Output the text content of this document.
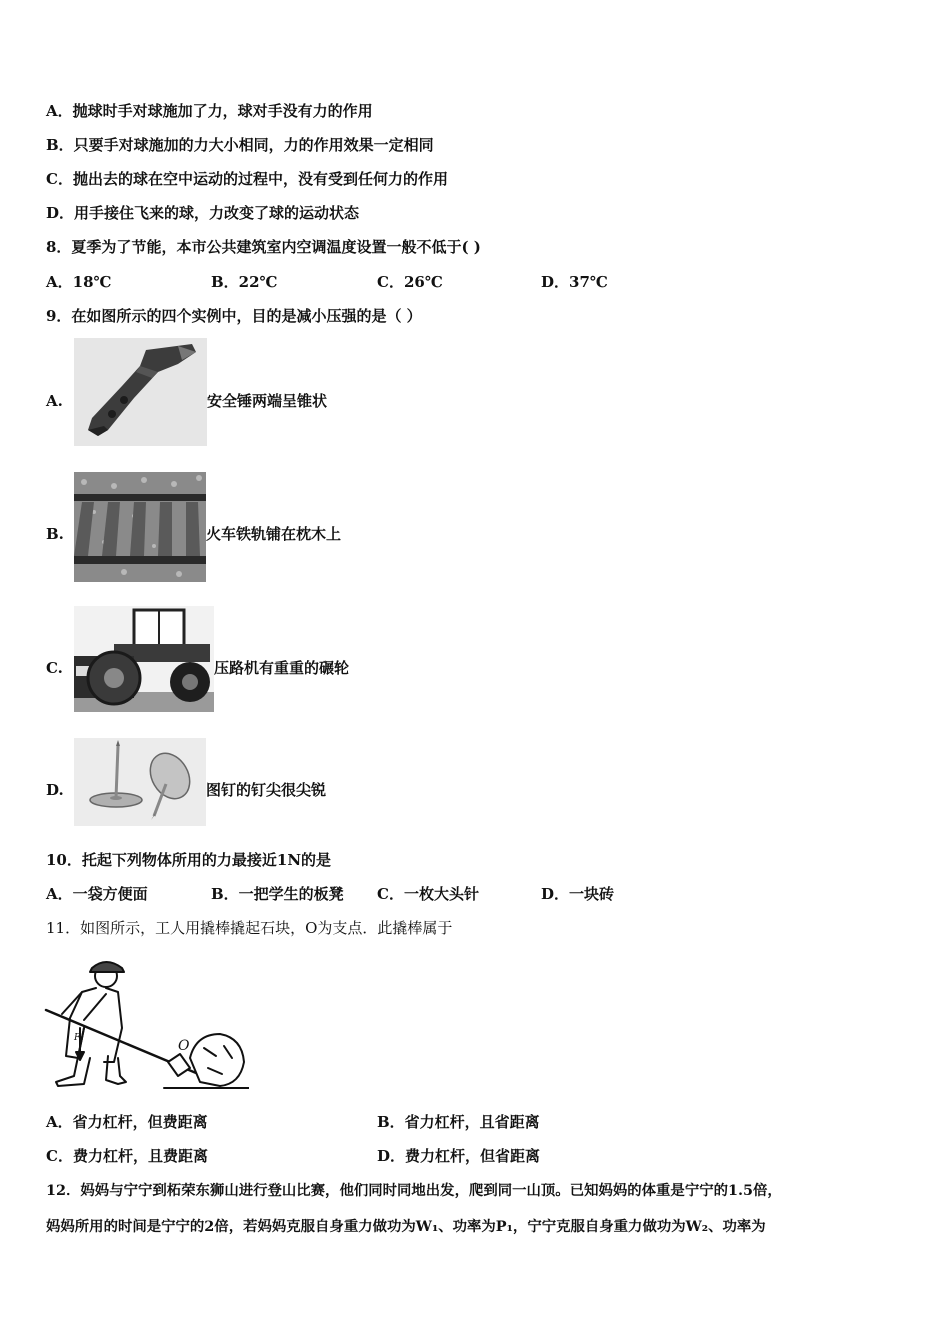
A．抛球时手对球施加了力，球对手没有力的作用
B．只要手对球施加的力大小相同，力的作用效果一定相同
C．抛出去的球在空中运动的过程中，没有受到任何力的作用
D．用手接住飞来的球，力改变了球的运动状态
8．夏季为了节能，本市公共建筑室内空调温度设置一般不低于( )
A．18℃	B．22℃	C．26℃	D．37℃
9．在如图所示的四个实例中，目的是减小压强的是（ ）
A.	安全锤两端呈锥状
B.	火车铁轨铺在枕木上
C.	压路机有重重的碾轮
D.	图钉的钉尖很尖锐
10．托起下列物体所用的力最接近1N的是
A．一袋方便面	B．一把学生的板凳 C．一枚大头针	D．一块砖
11．如图所示，工人用撬棒撬起石块，O为支点．此撬棒属于
F₁	O
A．省力杠杆，但费距离	B．省力杠杆，且省距离
C．费力杠杆，且费距离	D．费力杠杆，但省距离
12．妈妈与宁宁到柘荣东狮山进行登山比赛，他们同时同地出发，爬到同一山顶。已知妈妈的体重是宁宁的1.5倍，
妈妈所用的时间是宁宁的2倍，若妈妈克服自身重力做功为W₁、功率为P₁，宁宁克服自身重力做功为W₂、功率为
